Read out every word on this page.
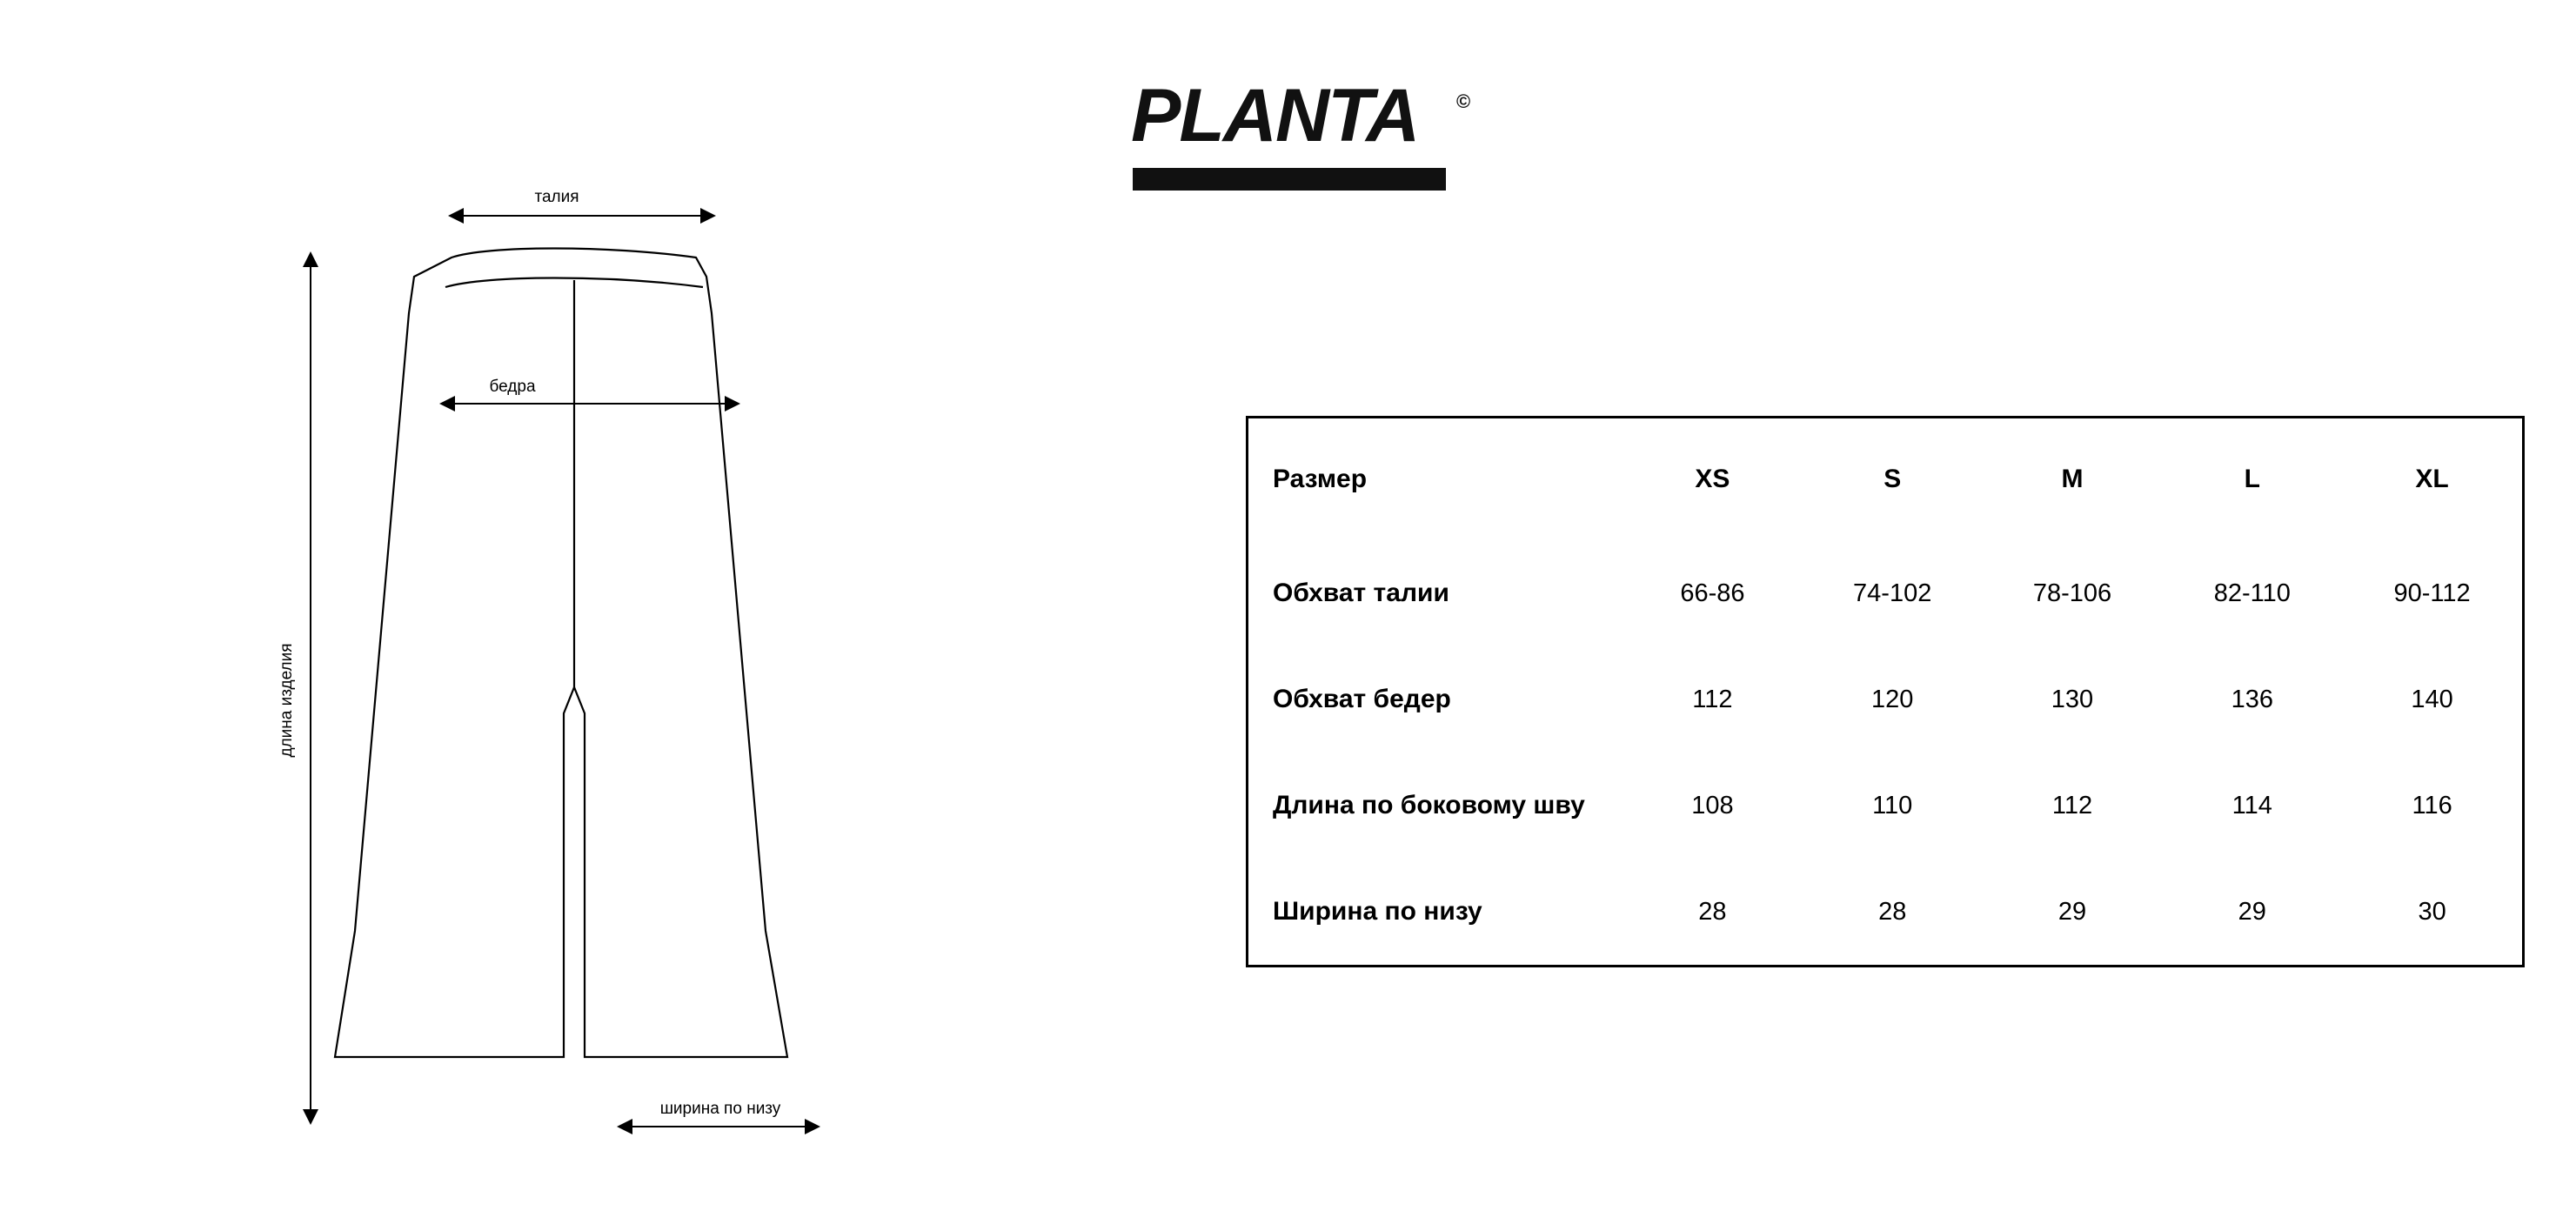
талия
бедра
длина изделия
ширина по низу
PLANTA ©
Размер	XS	S	M	L	XL
Обхват талии	66-86	74-102	78-106	82-110	90-112
Обхват бедер	112	120	130	136	140
Длина по боковому шву	108	110	112	114	116
Ширина по низу	28	28	29	29	30
